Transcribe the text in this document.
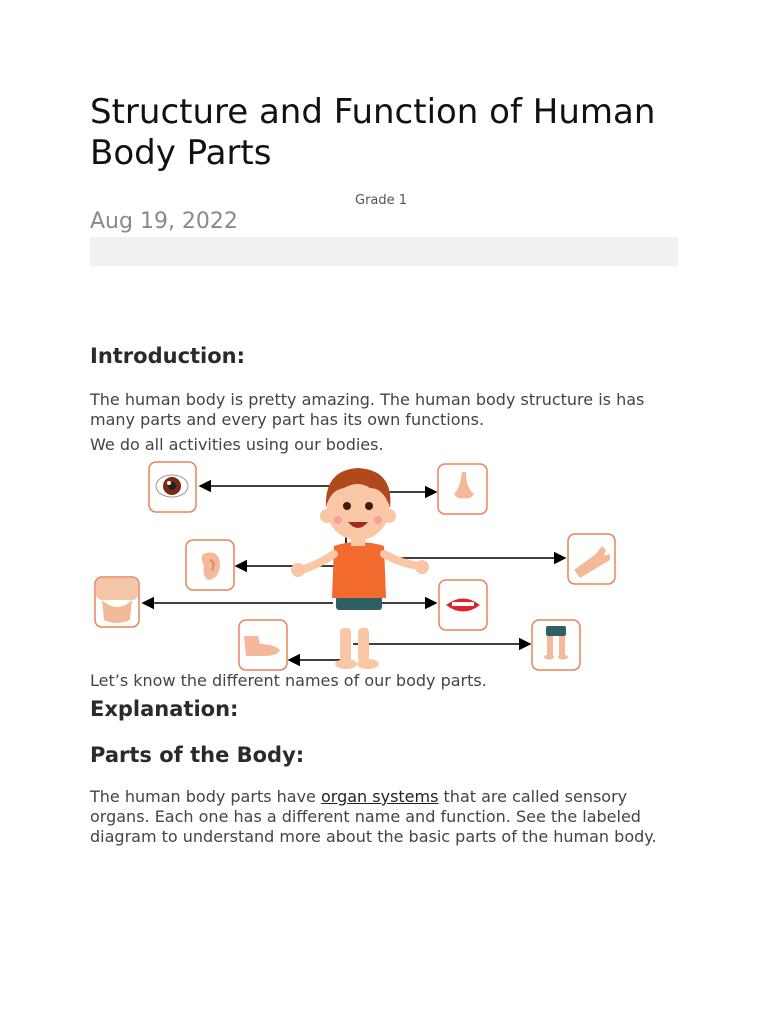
Structure and Function of Human Body Parts
Grade 1
Aug 19, 2022
Introduction:

The human body is pretty amazing. The human body structure is has many parts and every part has its own functions.

We do all activities using our bodies.

Let’s know the different names of our body parts.

Explanation:
Parts of the Body:

The human body parts have organ systems that are called sensory organs. Each one has a different name and function. See the labeled diagram to understand more about the basic parts of the human body.
